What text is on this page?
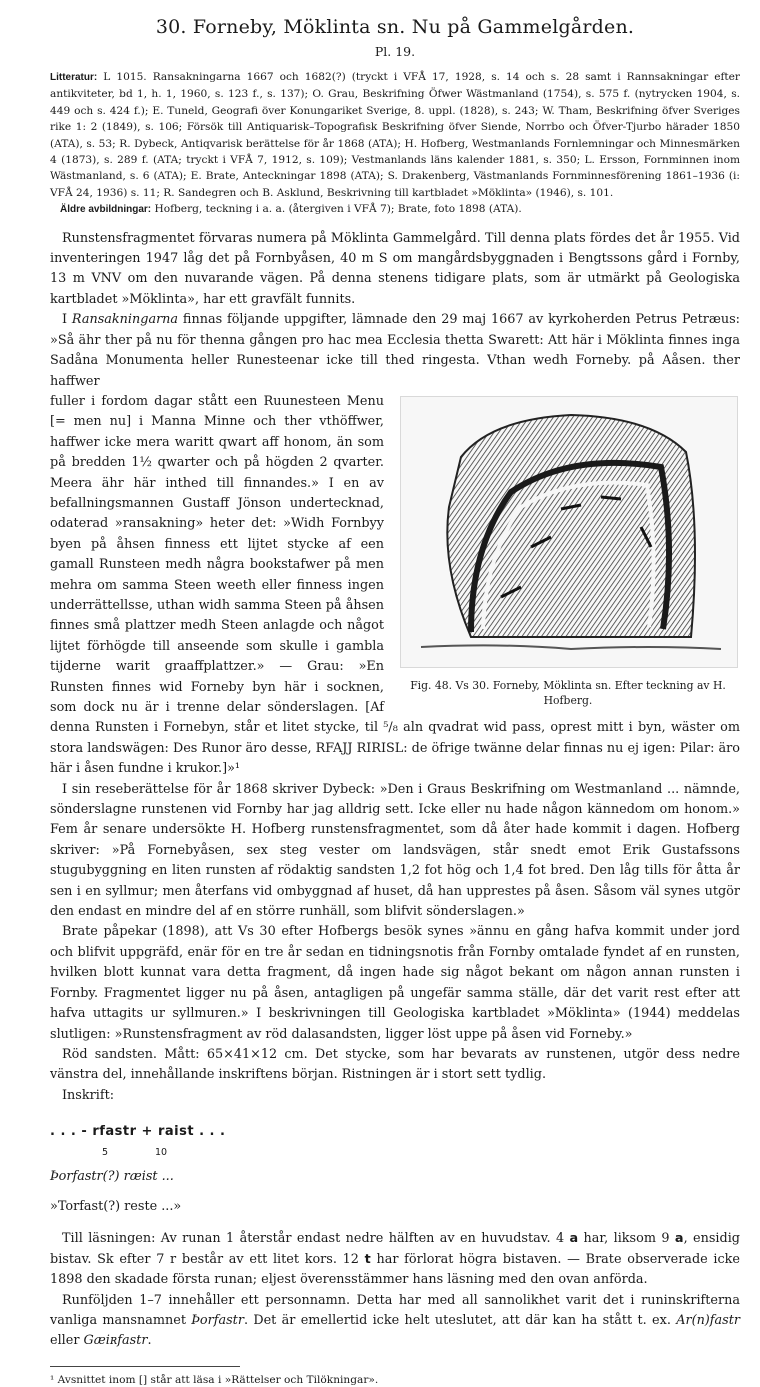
30. Forneby, Möklinta sn. Nu på Gammelgården.
Pl. 19.

Litteratur: L 1015. Ransakningarna 1667 och 1682(?) (tryckt i VFÅ 17, 1928, s. 14 och s. 28 samt i Rannsakningar efter antikviteter, bd 1, h. 1, 1960, s. 123 f., s. 137); O. Grau, Beskrifning Öfwer Wästmanland (1754), s. 575 f. (nytrycken 1904, s. 449 och s. 424 f.); E. Tuneld, Geografi över Konungariket Sverige, 8. uppl. (1828), s. 243; W. Tham, Beskrifning öfver Sveriges rike 1: 2 (1849), s. 106; Försök till Antiquarisk–Topografisk Beskrifning öfver Siende, Norrbo och Öfver-Tjurbo härader 1850 (ATA), s. 53; R. Dybeck, Antiqvarisk berättelse för år 1868 (ATA); H. Hofberg, Westmanlands Fornlemningar och Minnesmärken 4 (1873), s. 289 f. (ATA; tryckt i VFÅ 7, 1912, s. 109); Vestmanlands läns kalender 1881, s. 350; L. Ersson, Fornminnen inom Wästmanland, s. 6 (ATA); E. Brate, Anteckningar 1898 (ATA); S. Drakenberg, Västmanlands Fornminnesförening 1861–1936 (i: VFÅ 24, 1936) s. 11; R. Sandegren och B. Asklund, Beskrivning till kartbladet »Möklinta» (1946), s. 101.

Äldre avbildningar: Hofberg, teckning i a. a. (återgiven i VFÅ 7); Brate, foto 1898 (ATA).

Runstensfragmentet förvaras numera på Möklinta Gammelgård. Till denna plats fördes det år 1955. Vid inventeringen 1947 låg det på Fornbyåsen, 40 m S om mangårdsbyggnaden i Bengtssons gård i Fornby, 13 m VNV om den nuvarande vägen. På denna stenens tidigare plats, som är utmärkt på Geologiska kartbladet »Möklinta», har ett gravfält funnits.

I Ransakningarna finnas följande uppgifter, lämnade den 29 maj 1667 av kyrkoherden Petrus Petræus: »Så ähr ther på nu för thenna gången pro hac mea Ecclesia thetta Swarett: Att här i Möklinta finnes inga Sadåna Monumenta heller Runesteenar icke till thed ringesta. Vthan wedh Forneby. på Aåsen. ther haffwer

Fig. 48. Vs 30. Forneby, Möklinta sn. Efter teckning av H. Hofberg.

fuller i fordom dagar stått een Ruunesteen Menu [= men nu] i Manna Minne och ther vthöffwer, haffwer icke mera waritt qwart aff honom, än som på bredden 1½ qwarter och på högden 2 qvarter. Meera ähr här inthed till finnandes.» I en av befallningsmannen Gustaff Jönson undertecknad, odaterad »ransakning» heter det: »Widh Fornbyy byen på åhsen finness ett lijtet stycke af een gamall Runsteen medh några bookstafwer på men mehra om samma Steen weeth eller finness ingen underrättellsse, uthan widh samma Steen på åhsen finnes små plattzer medh Steen anlagde och något lijtet förhögde till anseende som skulle i gambla tijderne warit graaffplattzer.» — Grau: »En Runsten finnes wid Forneby byn här i socknen, som dock nu är i trenne delar sönderslagen. [Af denna Runsten i Fornebyn, står et litet stycke, til ⁵/₈ aln qvadrat wid pass, oprest mitt i byn, wäster om stora landswägen: Des Runor äro desse, RFAJJ RIRISL: de öfrige twänne delar finnas nu ej igen: Pilar: äro här i åsen fundne i krukor.]»¹

I sin reseberättelse för år 1868 skriver Dybeck: »Den i Graus Beskrifning om Westmanland ... nämnde, sönderslagne runstenen vid Fornby har jag alldrig sett. Icke eller nu hade någon kännedom om honom.» Fem år senare undersökte H. Hofberg runstensfragmentet, som då åter hade kommit i dagen. Hofberg skriver: »På Fornebyåsen, sex steg vester om landsvägen, står snedt emot Erik Gustafssons stugubyggning en liten runsten af rödaktig sandsten 1,2 fot hög och 1,4 fot bred. Den låg tills för åtta år sen i en syllmur; men återfans vid ombyggnad af huset, då han upprestes på åsen. Såsom väl synes utgör den endast en mindre del af en större runhäll, som blifvit sönderslagen.»

Brate påpekar (1898), att Vs 30 efter Hofbergs besök synes »ännu en gång hafva kommit under jord och blifvit uppgräfd, enär för en tre år sedan en tidningsnotis från Fornby omtalade fyndet af en runsten, hvilken blott kunnat vara detta fragment, då ingen hade sig något bekant om någon annan runsten i Fornby. Fragmentet ligger nu på åsen, antagligen på ungefär samma ställe, där det varit rest efter att hafva uttagits ur syllmuren.» I beskrivningen till Geologiska kartbladet »Möklinta» (1944) meddelas slutligen: »Runstensfragment av röd dalasandsten, ligger löst uppe på åsen vid Forneby.»

Röd sandsten. Mått: 65×41×12 cm. Det stycke, som har bevarats av runstenen, utgör dess nedre vänstra del, innehållande inskriftens början. Ristningen är i stort sett tydlig.

Inskrift:

. . . - rfastr + raist . . .
5	10
Þorfastr(?) ræist ...
»Torfast(?) reste ...»

Till läsningen: Av runan 1 återstår endast nedre hälften av en huvudstav. 4 a har, liksom 9 a, ensidig bistav. Sk efter 7 r består av ett litet kors. 12 t har förlorat högra bistaven. — Brate observerade icke 1898 den skadade första runan; eljest överensstämmer hans läsning med den ovan anförda.

Runföljden 1–7 innehåller ett personnamn. Detta har med all sannolikhet varit det i runinskrifterna vanliga mansnamnet Þorfastr. Det är emellertid icke helt uteslutet, att där kan ha stått t. ex. Ar(n)fastr eller Gæiʀfastr.

¹ Avsnittet inom [] står att läsa i »Rättelser och Tilökningar».
